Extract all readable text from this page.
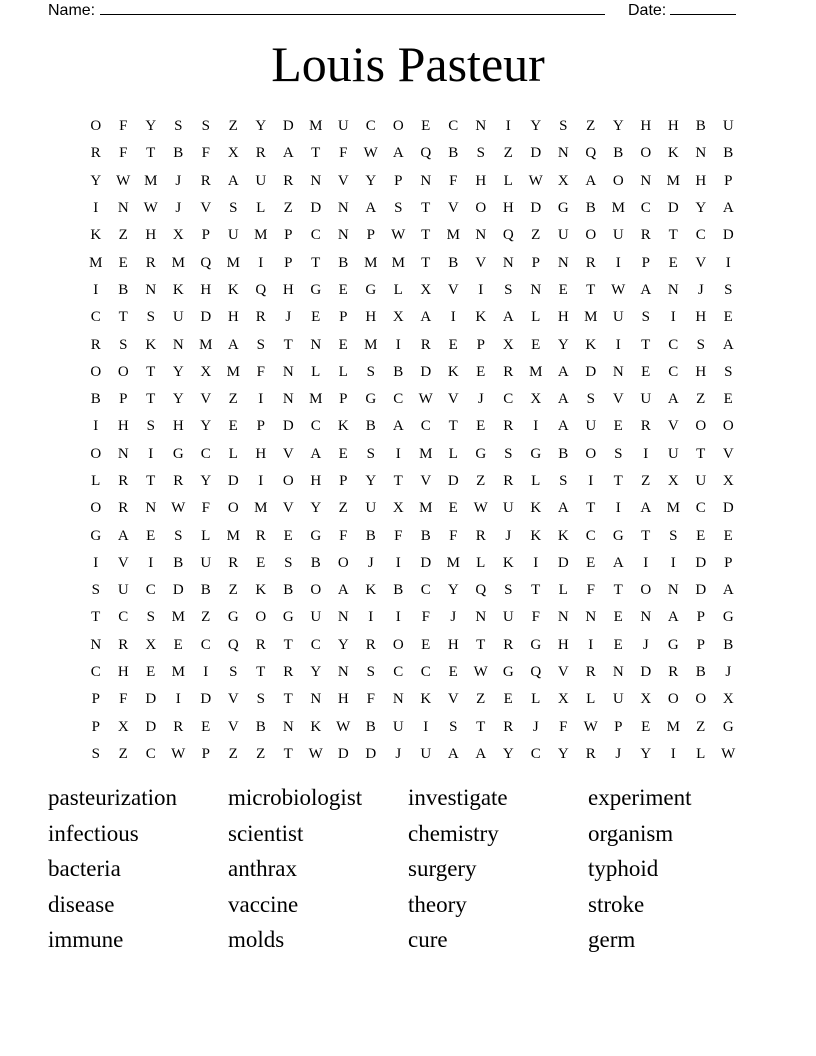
Name:	Date:
Louis Pasteur
O	F	Y	S	S	Z	Y	D	M	U	C	O	E	C	N	I	Y	S	Z	Y	H	H	B	U
R	F	T	B	F	X	R	A	T	F	W	A	Q	B	S	Z	D	N	Q	B	O	K	N	B
Y W M	J	R	A	U	R	N	V	Y	P	N	F	H	L	W	X	A	O	N	M	H	P
I	N W	J	V	S	L	Z	D	N	A	S	T	V	O	H	D	G	B	M	C	D	Y	A
K	Z	H	X	P	U	M	P	C	N	P	W	T	M	N	Q	Z	U	O	U	R	T	C	D
M	E	R	M	Q	M	I	P	T	B	M M	T	B	V	N	P	N	R	I	P	E	V	I
I	B	N	K	H	K	Q	H	G	E	G	L	X	V	I	S	N	E	T	W	A	N	J	S
C	T	S	U	D	H	R	J	E	P	H	X	A	I	K	A	L	H	M	U	S	I	H	E
R	S	K	N	M	A	S	T	N	E	M	I	R	E	P	X	E	Y	K	I	T	C	S	A
O	O	T	Y	X	M	F	N	L	L	S	B	D	K	E	R	M	A	D	N	E	C	H	S
B	P	T	Y	V	Z	I	N	M	P	G	C	W	V	J	C	X	A	S	V	U	A	Z	E
I	H	S	H	Y	E	P	D	C	K	B	A	C	T	E	R	I	A	U	E	R	V	O	O
O	N	I	G	C	L	H	V	A	E	S	I	M	L	G	S	G	B	O	S	I	U	T	V
L	R	T	R	Y	D	I	O	H	P	Y	T	V	D	Z	R	L	S	I	T	Z	X	U	X
O	R	N W	F	O	M	V	Y	Z	U	X	M	E	W	U	K	A	T	I	A	M	C	D
G	A	E	S	L	M	R	E	G	F	B	F	B	F	R	J	K	K	C	G	T	S	E	E
I	V	I	B	U	R	E	S	B	O	J	I	D	M	L	K	I	D	E	A	I	I	D	P
S	U	C	D	B	Z	K	B	O	A	K	B	C	Y	Q	S	T	L	F	T	O	N	D	A
T	C	S	M	Z	G	O	G	U	N	I	I	F	J	N	U	F	N	N	E	N	A	P	G
N	R	X	E	C	Q	R	T	C	Y	R	O	E	H	T	R	G	H	I	E	J	G	P	B
C	H	E	M	I	S	T	R	Y	N	S	C	C	E	W	G	Q	V	R	N	D	R	B	J
P	F	D	I	D	V	S	T	N	H	F	N	K	V	Z	E	L	X	L	U	X	O	O	X
P	X	D	R	E	V	B	N	K W	B	U	I	S	T	R	J	F	W	P	E	M	Z	G
S	Z	C	W	P	Z	Z	T	W	D	D	J	U	A	A	Y	C	Y	R	J	Y	I	L	W
pasteurization	microbiologist	investigate	experiment
infectious	scientist	chemistry	organism
bacteria	anthrax	surgery	typhoid
disease	vaccine	theory	stroke
immune	molds	cure	germ
